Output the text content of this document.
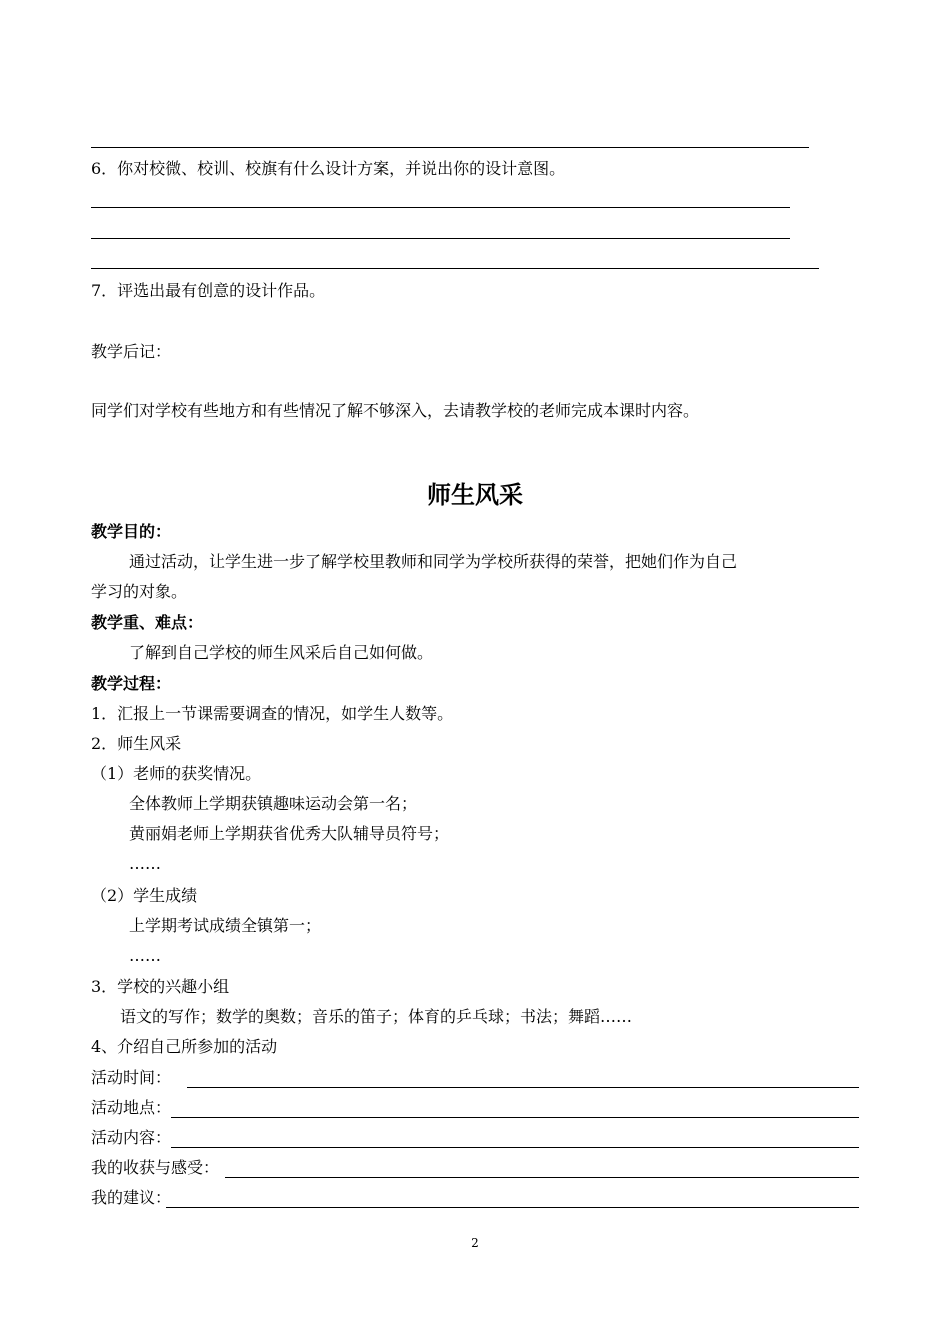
6．你对校微、校训、校旗有什么设计方案，并说出你的设计意图。
7．评选出最有创意的设计作品。
教学后记：
同学们对学校有些地方和有些情况了解不够深入，去请教学校的老师完成本课时内容。
师生风采
教学目的：
通过活动，让学生进一步了解学校里教师和同学为学校所获得的荣誉，把她们作为自己
学习的对象。
教学重、难点：
了解到自己学校的师生风采后自己如何做。
教学过程：
1．汇报上一节课需要调查的情况，如学生人数等。
2．师生风采
（1）老师的获奖情况。
全体教师上学期获镇趣味运动会第一名；
黄丽娟老师上学期获省优秀大队辅导员符号；
……
（2）学生成绩
上学期考试成绩全镇第一；
……
3．学校的兴趣小组
语文的写作；数学的奥数；音乐的笛子；体育的乒乓球；书法；舞蹈……
4、介绍自己所参加的活动
活动时间：
活动地点：
活动内容：
我的收获与感受：
我的建议：
2
